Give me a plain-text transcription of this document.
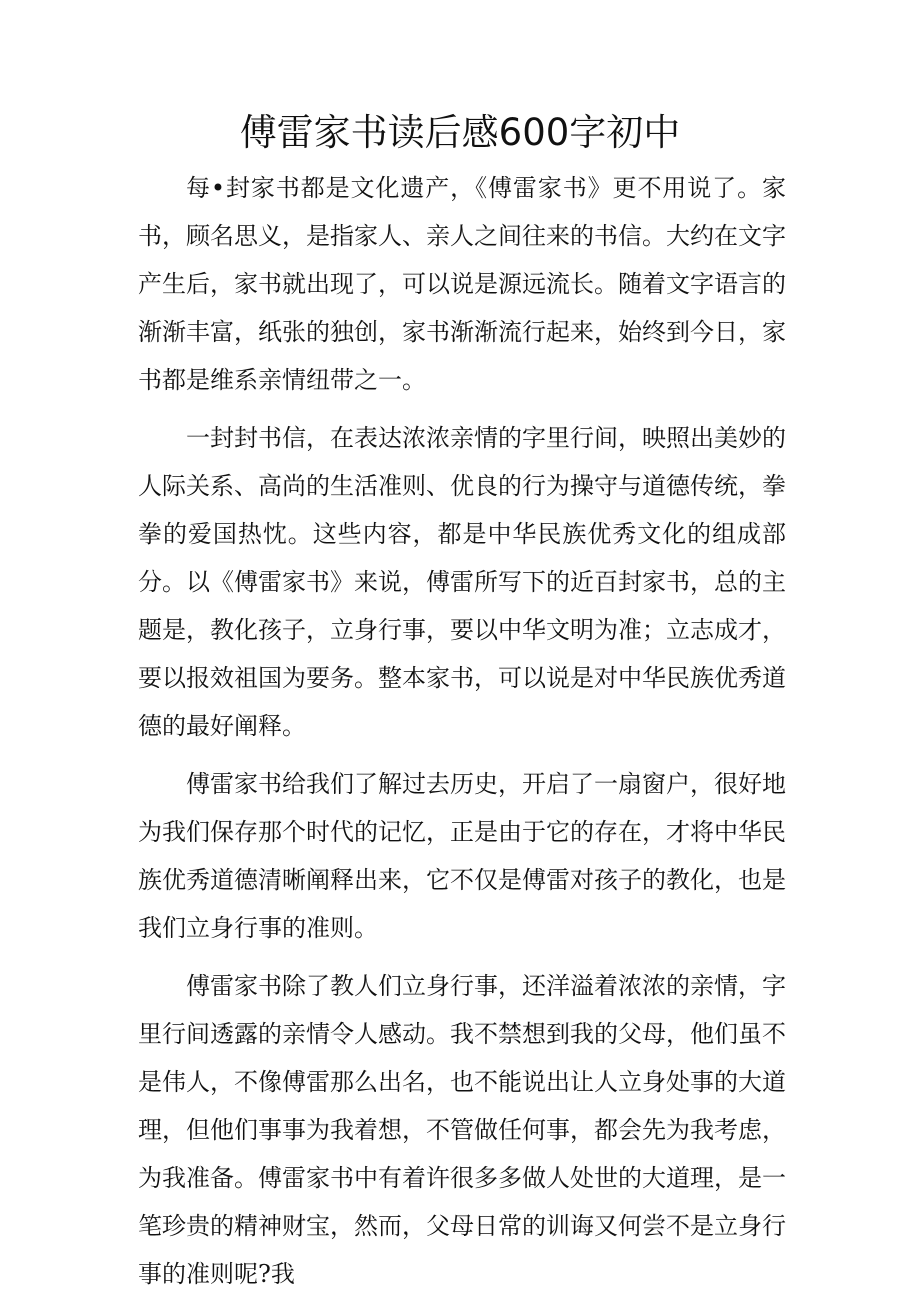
傅雷家书读后感600字初中

每•封家书都是文化遗产，《傅雷家书》更不用说了。家书，顾名思义，是指家人、亲人之间往来的书信。大约在文字产生后，家书就出现了，可以说是源远流长。随着文字语言的渐渐丰富，纸张的独创，家书渐渐流行起来，始终到今日，家书都是维系亲情纽带之一。

一封封书信，在表达浓浓亲情的字里行间，映照出美妙的人际关系、高尚的生活准则、优良的行为操守与道德传统，拳拳的爱国热忱。这些内容，都是中华民族优秀文化的组成部分。以《傅雷家书》来说，傅雷所写下的近百封家书，总的主题是，教化孩子，立身行事，要以中华文明为准；立志成才，要以报效祖国为要务。整本家书，可以说是对中华民族优秀道德的最好阐释。

傅雷家书给我们了解过去历史，开启了一扇窗户，很好地为我们保存那个时代的记忆，正是由于它的存在，才将中华民族优秀道德清晰阐释出来，它不仅是傅雷对孩子的教化，也是我们立身行事的准则。

傅雷家书除了教人们立身行事，还洋溢着浓浓的亲情，字里行间透露的亲情令人感动。我不禁想到我的父母，他们虽不是伟人，不像傅雷那么出名，也不能说出让人立身处事的大道理，但他们事事为我着想，不管做任何事，都会先为我考虑，为我准备。傅雷家书中有着许很多多做人处世的大道理，是一笔珍贵的精神财宝，然而，父母日常的训诲又何尝不是立身行事的准则呢?我
